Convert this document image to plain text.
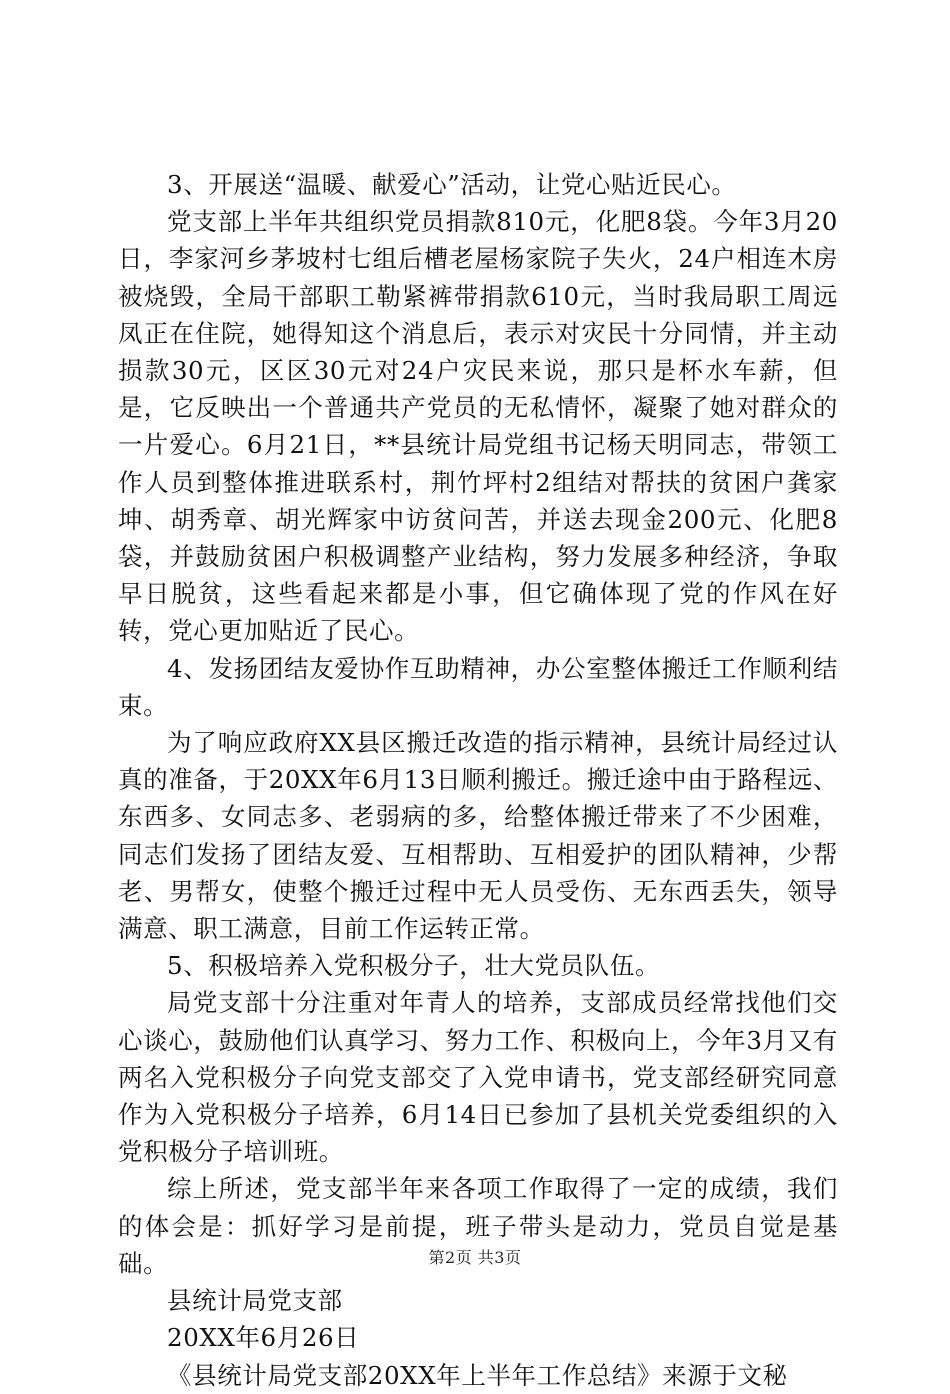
3、开展送“温暖、献爱心”活动，让党心贴近民心。

党支部上半年共组织党员捐款810元，化肥8袋。今年3月20日，李家河乡茅坡村七组后槽老屋杨家院子失火，24户相连木房被烧毁，全局干部职工勒紧裤带捐款610元，当时我局职工周远凤正在住院，她得知这个消息后，表示对灾民十分同情，并主动损款30元，区区30元对24户灾民来说，那只是杯水车薪，但是，它反映出一个普通共产党员的无私情怀，凝聚了她对群众的一片爱心。6月21日，**县统计局党组书记杨天明同志，带领工作人员到整体推进联系村，荆竹坪村2组结对帮扶的贫困户龚家坤、胡秀章、胡光辉家中访贫问苦，并送去现金200元、化肥8袋，并鼓励贫困户积极调整产业结构，努力发展多种经济，争取早日脱贫，这些看起来都是小事，但它确体现了党的作风在好转，党心更加贴近了民心。

4、发扬团结友爱协作互助精神，办公室整体搬迁工作顺利结束。

为了响应政府XX县区搬迁改造的指示精神，县统计局经过认真的准备，于20XX年6月13日顺利搬迁。搬迁途中由于路程远、东西多、女同志多、老弱病的多，给整体搬迁带来了不少困难，同志们发扬了团结友爱、互相帮助、互相爱护的团队精神，少帮老、男帮女，使整个搬迁过程中无人员受伤、无东西丢失，领导满意、职工满意，目前工作运转正常。

5、积极培养入党积极分子，壮大党员队伍。

局党支部十分注重对年青人的培养，支部成员经常找他们交心谈心，鼓励他们认真学习、努力工作、积极向上，今年3月又有两名入党积极分子向党支部交了入党申请书，党支部经研究同意作为入党积极分子培养，6月14日已参加了县机关党委组织的入党积极分子培训班。

综上所述，党支部半年来各项工作取得了一定的成绩，我们的体会是：抓好学习是前提，班子带头是动力，党员自觉是基础。

县统计局党支部

20XX年6月26日

《县统计局党支部20XX年上半年工作总结》来源于文秘

第2页 共3页
